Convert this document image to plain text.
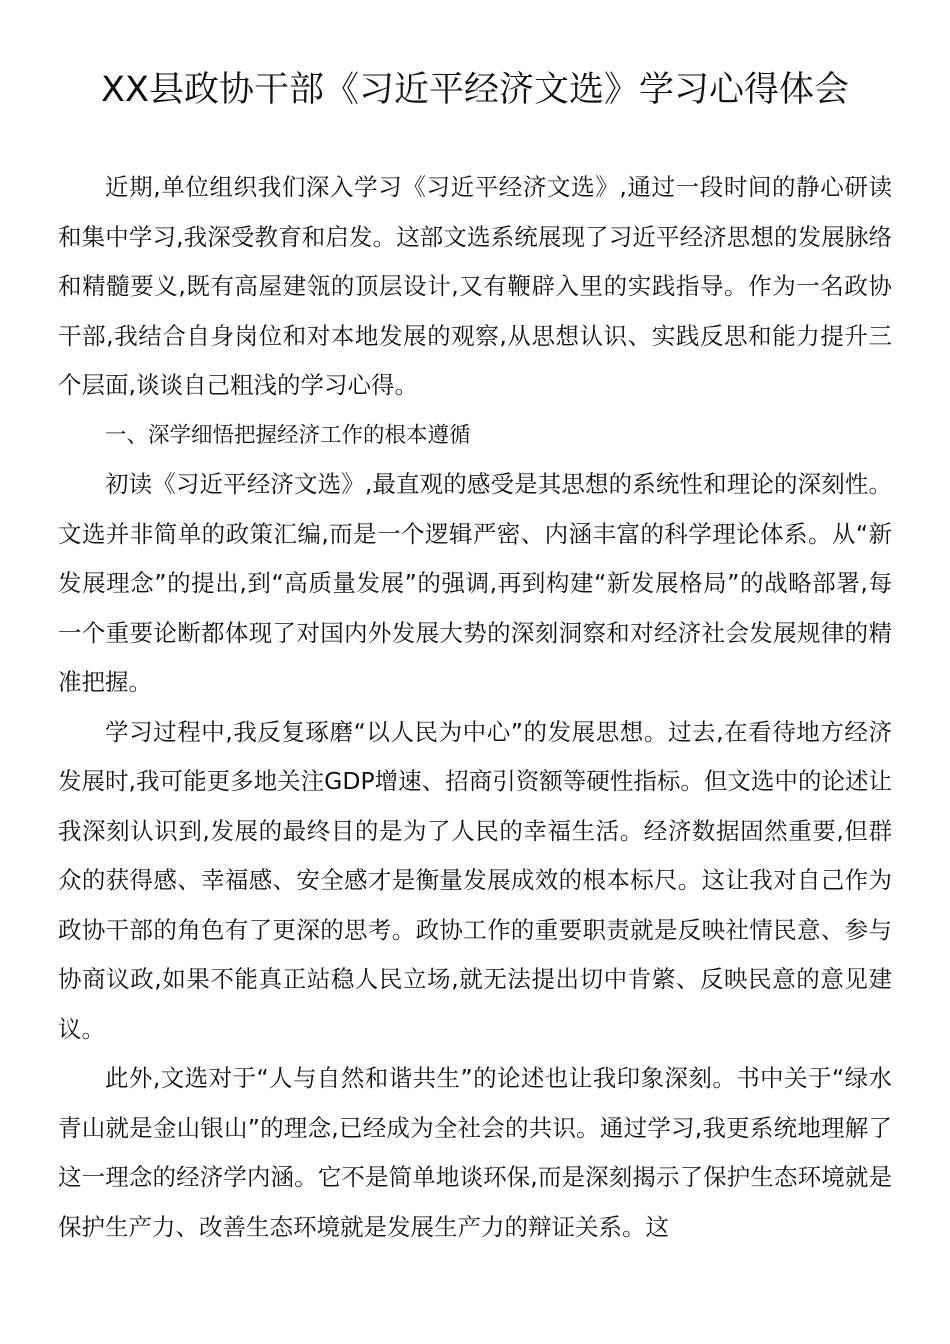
XX县政协干部《习近平经济文选》学习心得体会

近期,单位组织我们深入学习《习近平经济文选》,通过一段时间的静心研读和集中学习,我深受教育和启发。这部文选系统展现了习近平经济思想的发展脉络和精髓要义,既有高屋建瓴的顶层设计,又有鞭辟入里的实践指导。作为一名政协干部,我结合自身岗位和对本地发展的观察,从思想认识、实践反思和能力提升三个层面,谈谈自己粗浅的学习心得。

一、深学细悟把握经济工作的根本遵循

初读《习近平经济文选》,最直观的感受是其思想的系统性和理论的深刻性。文选并非简单的政策汇编,而是一个逻辑严密、内涵丰富的科学理论体系。从“新发展理念”的提出,到“高质量发展”的强调,再到构建“新发展格局”的战略部署,每一个重要论断都体现了对国内外发展大势的深刻洞察和对经济社会发展规律的精准把握。

学习过程中,我反复琢磨“以人民为中心”的发展思想。过去,在看待地方经济发展时,我可能更多地关注GDP增速、招商引资额等硬性指标。但文选中的论述让我深刻认识到,发展的最终目的是为了人民的幸福生活。经济数据固然重要,但群众的获得感、幸福感、安全感才是衡量发展成效的根本标尺。这让我对自己作为政协干部的角色有了更深的思考。政协工作的重要职责就是反映社情民意、参与协商议政,如果不能真正站稳人民立场,就无法提出切中肯綮、反映民意的意见建议。

此外,文选对于“人与自然和谐共生”的论述也让我印象深刻。书中关于“绿水青山就是金山银山”的理念,已经成为全社会的共识。通过学习,我更系统地理解了这一理念的经济学内涵。它不是简单地谈环保,而是深刻揭示了保护生态环境就是保护生产力、改善生态环境就是发展生产力的辩证关系。这
